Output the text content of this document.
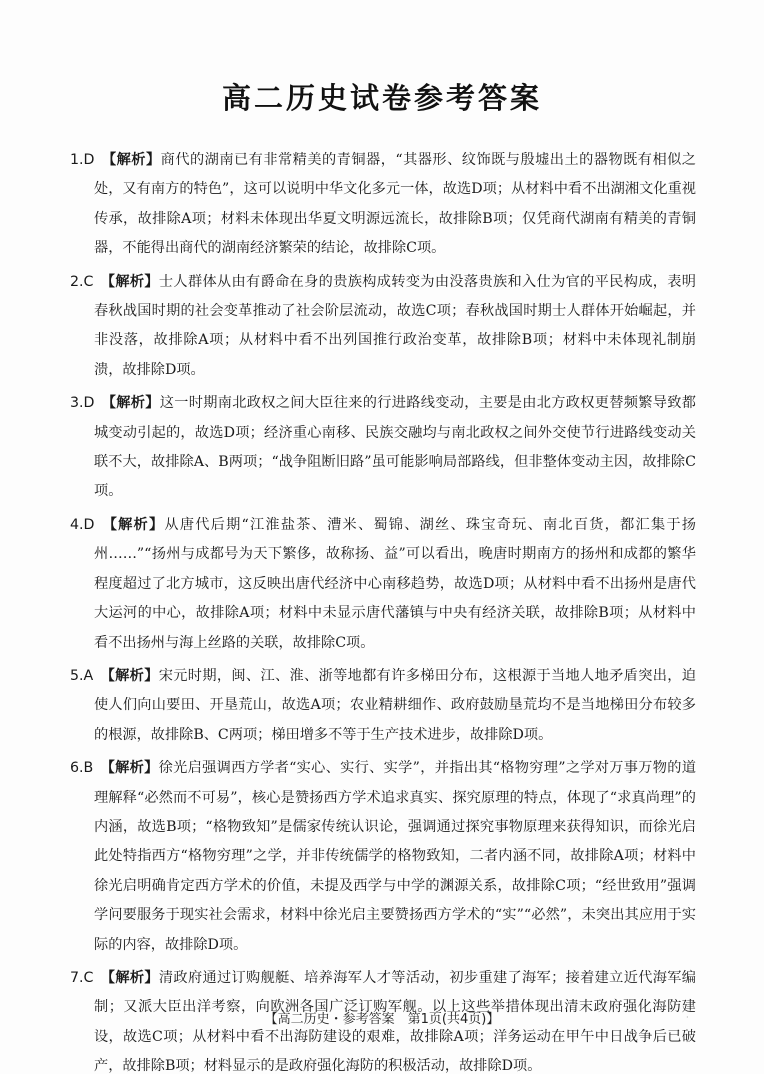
高二历史试卷参考答案

1.D 【解析】商代的湖南已有非常精美的青铜器，“其器形、纹饰既与殷墟出土的器物既有相似之处，又有南方的特色”，这可以说明中华文化多元一体，故选D项；从材料中看不出湖湘文化重视传承，故排除A项；材料未体现出华夏文明源远流长，故排除B项；仅凭商代湖南有精美的青铜器，不能得出商代的湖南经济繁荣的结论，故排除C项。

2.C 【解析】士人群体从由有爵命在身的贵族构成转变为由没落贵族和入仕为官的平民构成，表明春秋战国时期的社会变革推动了社会阶层流动，故选C项；春秋战国时期士人群体开始崛起，并非没落，故排除A项；从材料中看不出列国推行政治变革，故排除B项；材料中未体现礼制崩溃，故排除D项。

3.D 【解析】这一时期南北政权之间大臣往来的行进路线变动，主要是由北方政权更替频繁导致都城变动引起的，故选D项；经济重心南移、民族交融均与南北政权之间外交使节行进路线变动关联不大，故排除A、B两项；“战争阻断旧路”虽可能影响局部路线，但非整体变动主因，故排除C项。

4.D 【解析】从唐代后期“江淮盐茶、漕米、蜀锦、湖丝、珠宝奇玩、南北百货，都汇集于扬州……”“扬州与成都号为天下繁侈，故称扬、益”可以看出，晚唐时期南方的扬州和成都的繁华程度超过了北方城市，这反映出唐代经济中心南移趋势，故选D项；从材料中看不出扬州是唐代大运河的中心，故排除A项；材料中未显示唐代藩镇与中央有经济关联，故排除B项；从材料中看不出扬州与海上丝路的关联，故排除C项。

5.A 【解析】宋元时期，闽、江、淮、浙等地都有许多梯田分布，这根源于当地人地矛盾突出，迫使人们向山要田、开垦荒山，故选A项；农业精耕细作、政府鼓励垦荒均不是当地梯田分布较多的根源，故排除B、C两项；梯田增多不等于生产技术进步，故排除D项。

6.B 【解析】徐光启强调西方学者“实心、实行、实学”，并指出其“格物穷理”之学对万事万物的道理解释“必然而不可易”，核心是赞扬西方学术追求真实、探究原理的特点，体现了“求真尚理”的内涵，故选B项；“格物致知”是儒家传统认识论，强调通过探究事物原理来获得知识，而徐光启此处特指西方“格物穷理”之学，并非传统儒学的格物致知，二者内涵不同，故排除A项；材料中徐光启明确肯定西方学术的价值，未提及西学与中学的渊源关系，故排除C项；“经世致用”强调学问要服务于现实社会需求，材料中徐光启主要赞扬西方学术的“实”“必然”，未突出其应用于实际的内容，故排除D项。

7.C 【解析】清政府通过订购舰艇、培养海军人才等活动，初步重建了海军；接着建立近代海军编制；又派大臣出洋考察，向欧洲各国广泛订购军舰。以上这些举措体现出清末政府强化海防建设，故选C项；从材料中看不出海防建设的艰难，故排除A项；洋务运动在甲午中日战争后已破产，故排除B项；材料显示的是政府强化海防的积极活动，故排除D项。

【高二历史・参考答案　第1页(共4页)】	·
